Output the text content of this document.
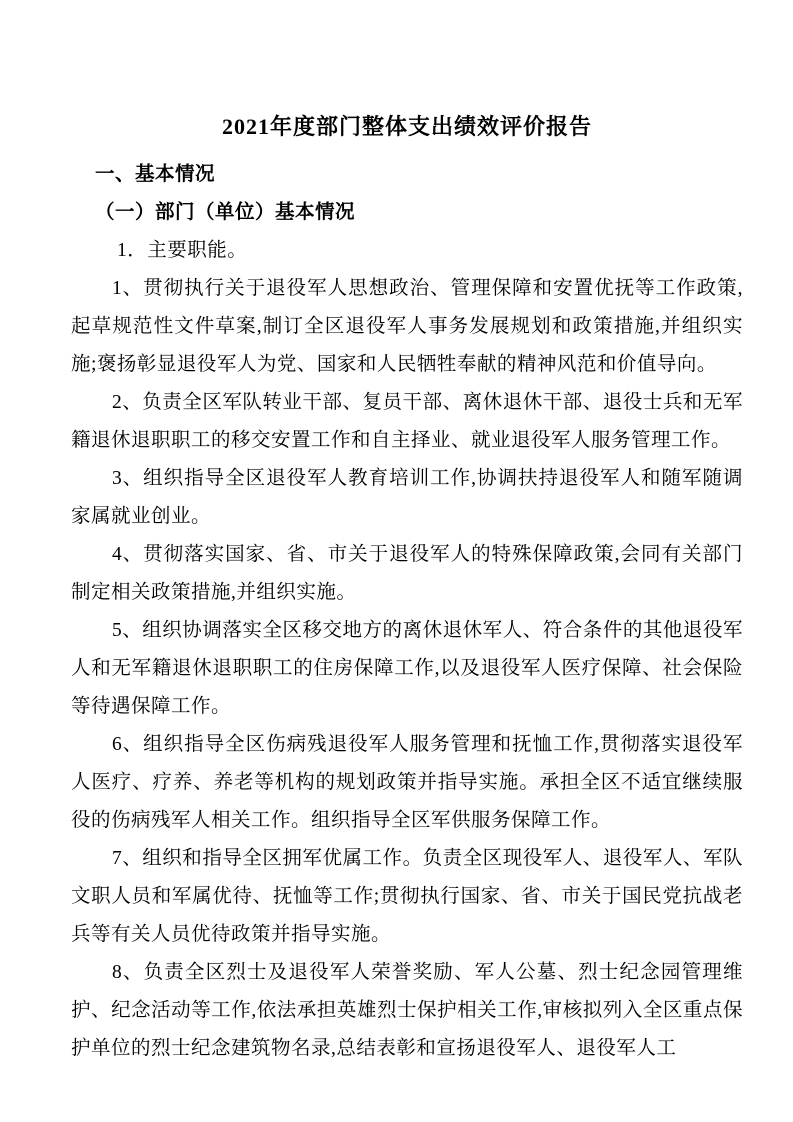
2021年度部门整体支出绩效评价报告
一、基本情况
（一）部门（单位）基本情况

1．主要职能。

1、贯彻执行关于退役军人思想政治、管理保障和安置优抚等工作政策,起草规范性文件草案,制订全区退役军人事务发展规划和政策措施,并组织实施;褒扬彰显退役军人为党、国家和人民牺牲奉献的精神风范和价值导向。

2、负责全区军队转业干部、复员干部、离休退休干部、退役士兵和无军籍退休退职职工的移交安置工作和自主择业、就业退役军人服务管理工作。

3、组织指导全区退役军人教育培训工作,协调扶持退役军人和随军随调家属就业创业。

4、贯彻落实国家、省、市关于退役军人的特殊保障政策,会同有关部门制定相关政策措施,并组织实施。

5、组织协调落实全区移交地方的离休退休军人、符合条件的其他退役军人和无军籍退休退职职工的住房保障工作,以及退役军人医疗保障、社会保险等待遇保障工作。

6、组织指导全区伤病残退役军人服务管理和抚恤工作,贯彻落实退役军人医疗、疗养、养老等机构的规划政策并指导实施。承担全区不适宜继续服役的伤病残军人相关工作。组织指导全区军供服务保障工作。

7、组织和指导全区拥军优属工作。负责全区现役军人、退役军人、军队文职人员和军属优待、抚恤等工作;贯彻执行国家、省、市关于国民党抗战老兵等有关人员优待政策并指导实施。

8、负责全区烈士及退役军人荣誉奖励、军人公墓、烈士纪念园管理维护、纪念活动等工作,依法承担英雄烈士保护相关工作,审核拟列入全区重点保护单位的烈士纪念建筑物名录,总结表彰和宣扬退役军人、退役军人工
